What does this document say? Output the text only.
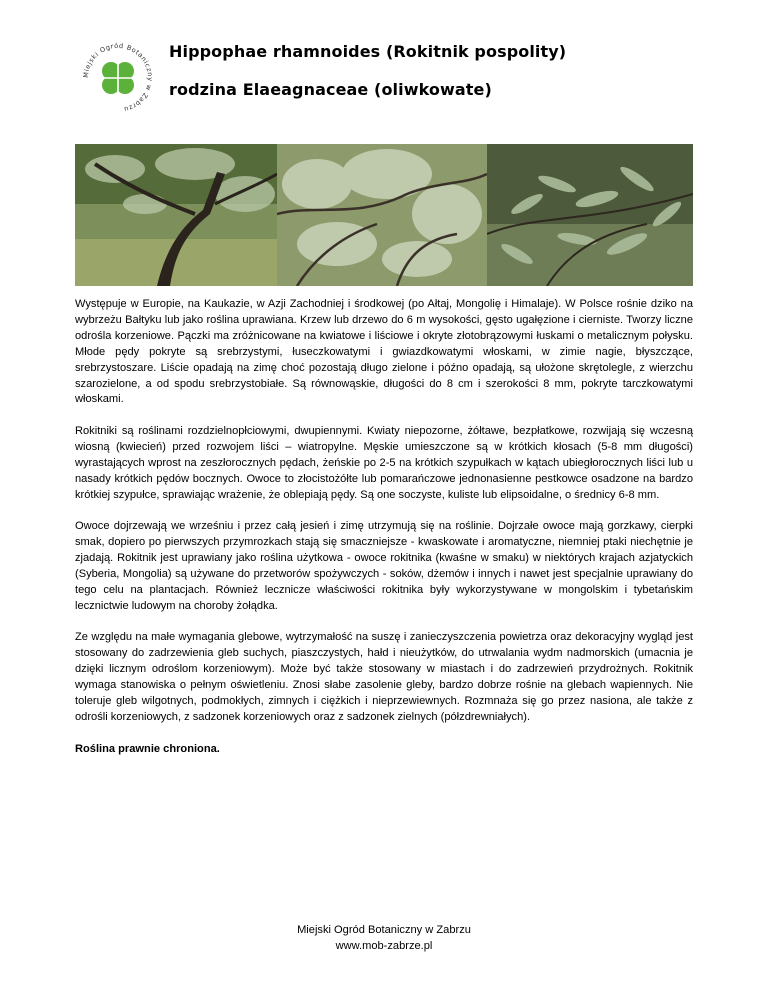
Miejski Ogród Botaniczny w Zabrzu
Hippophae rhamnoides (Rokitnik pospolity)
rodzina Elaeagnaceae (oliwkowate)

Występuje w Europie, na Kaukazie, w Azji Zachodniej i środkowej (po Ałtaj, Mongolię i Himalaje). W Polsce rośnie dziko na wybrzeżu Bałtyku lub jako roślina uprawiana. Krzew lub drzewo do 6 m wysokości, gęsto ugałęzione i cierniste. Tworzy liczne odrośla korzeniowe. Pączki ma zróżnicowane na kwiatowe i liściowe i okryte złotobrązowymi łuskami o metalicznym połysku. Młode pędy pokryte są srebrzystymi, łuseczkowatymi i gwiazdkowatymi włoskami, w zimie nagie, błyszczące, srebrzystoszare. Liście opadają na zimę choć pozostają długo zielone i późno opadają, są ułożone skrętolegle, z wierzchu szarozielone, a od spodu srebrzystobiałe. Są równowąskie, długości do 8 cm i szerokości 8 mm, pokryte tarczkowatymi włoskami.

Rokitniki są roślinami rozdzielnopłciowymi, dwupiennymi. Kwiaty niepozorne, żółtawe, bezpłatkowe, rozwijają się wczesną wiosną (kwiecień) przed rozwojem liści – wiatropylne. Męskie umieszczone są w krótkich kłosach (5-8 mm długości) wyrastających wprost na zeszłorocznych pędach, żeńskie po 2-5 na krótkich szypułkach w kątach ubiegłorocznych liści lub u nasady krótkich pędów bocznych. Owoce to złocistożółte lub pomarańczowe jednonasienne pestkowce osadzone na bardzo krótkiej szypułce, sprawiając wrażenie, że oblepiają pędy. Są one soczyste, kuliste lub elipsoidalne, o średnicy 6-8 mm.

Owoce dojrzewają we wrześniu i przez całą jesień i zimę utrzymują się na roślinie. Dojrzałe owoce mają gorzkawy, cierpki smak, dopiero po pierwszych przymrozkach stają się smaczniejsze - kwaskowate i aromatyczne, niemniej ptaki niechętnie je zjadają. Rokitnik jest uprawiany jako roślina użytkowa - owoce rokitnika (kwaśne w smaku) w niektórych krajach azjatyckich (Syberia, Mongolia) są używane do przetworów spożywczych - soków, dżemów i innych i nawet jest specjalnie uprawiany do tego celu na plantacjach. Również lecznicze właściwości rokitnika były wykorzystywane w mongolskim i tybetańskim lecznictwie ludowym na choroby żołądka.

Ze względu na małe wymagania glebowe, wytrzymałość na suszę i zanieczyszczenia powietrza oraz dekoracyjny wygląd jest stosowany do zadrzewienia gleb suchych, piaszczystych, hałd i nieużytków, do utrwalania wydm nadmorskich (umacnia je dzięki licznym odroślom korzeniowym). Może być także stosowany w miastach i do zadrzewień przydrożnych. Rokitnik wymaga stanowiska o pełnym oświetleniu. Znosi słabe zasolenie gleby, bardzo dobrze rośnie na glebach wapiennych. Nie toleruje gleb wilgotnych, podmokłych, zimnych i ciężkich i nieprzewiewnych. Rozmnaża się go przez nasiona, ale także z odrośli korzeniowych, z sadzonek korzeniowych oraz z sadzonek zielnych (półzdrewniałych).

Roślina prawnie chroniona.

Miejski Ogród Botaniczny w Zabrzu
www.mob-zabrze.pl
